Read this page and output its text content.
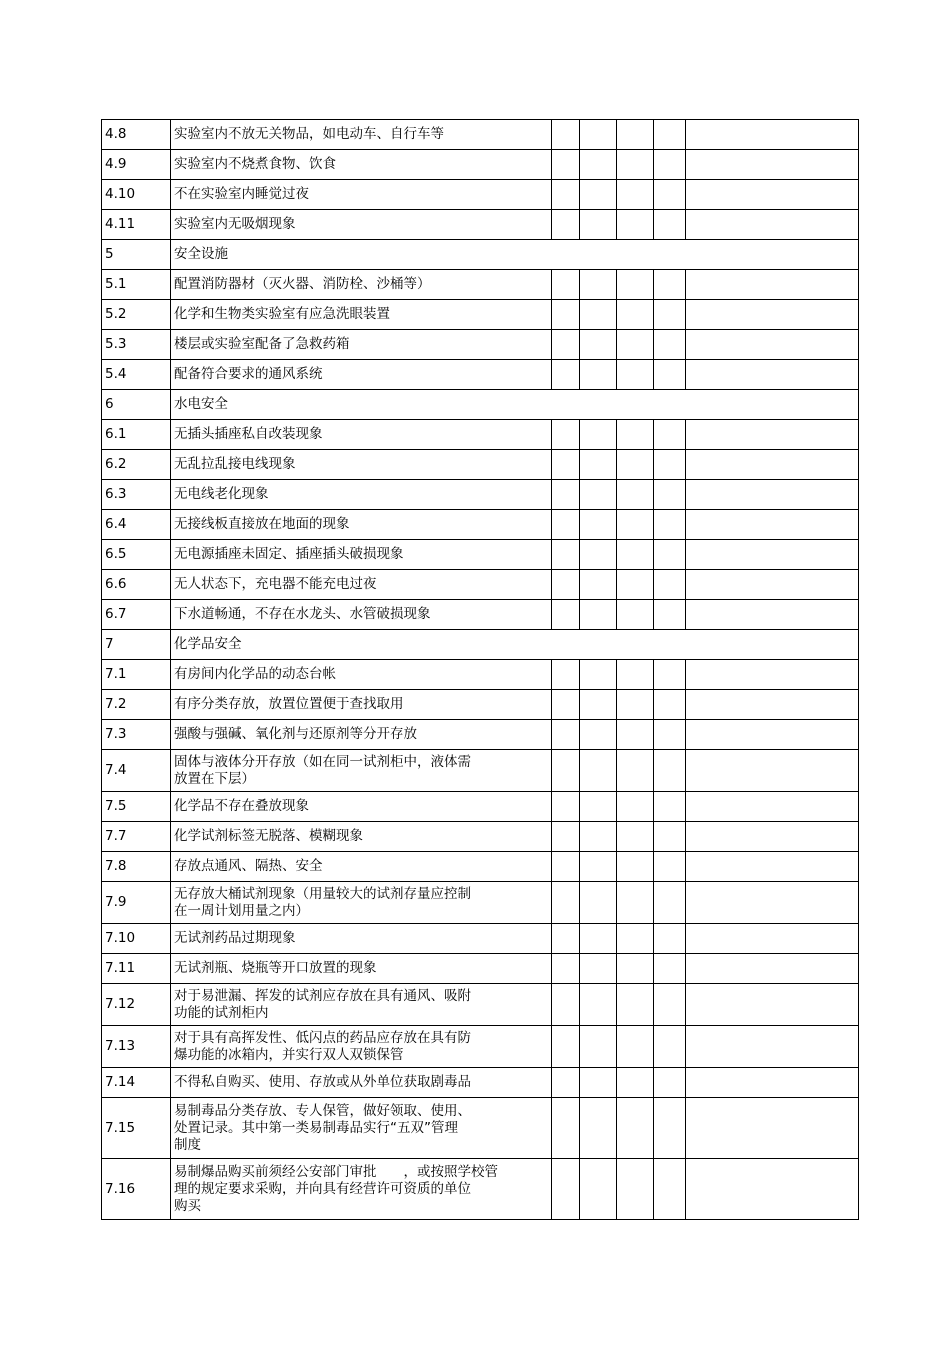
4.8	实验室内不放无关物品，如电动车、自行车等					

4.9	实验室内不烧煮食物、饮食					

4.10	不在实验室内睡觉过夜					

4.11	实验室内无吸烟现象					

5	安全设施					

5.1	配置消防器材（灭火器、消防栓、沙桶等）					

5.2	化学和生物类实验室有应急洗眼装置					

5.3	楼层或实验室配备了急救药箱					

5.4	配备符合要求的通风系统					

6	水电安全					

6.1	无插头插座私自改装现象					

6.2	无乱拉乱接电线现象					

6.3	无电线老化现象					

6.4	无接线板直接放在地面的现象					

6.5	无电源插座未固定、插座插头破损现象					

6.6	无人状态下，充电器不能充电过夜					

6.7	下水道畅通，不存在水龙头、水管破损现象					

7	化学品安全					

7.1	有房间内化学品的动态台帐					

7.2	有序分类存放，放置位置便于查找取用					

7.3	强酸与强碱、氧化剂与还原剂等分开存放					

7.4	固体与液体分开存放（如在同一试剂柜中，液体需
放置在下层）					

7.5	化学品不存在叠放现象					

7.7	化学试剂标签无脱落、模糊现象					

7.8	存放点通风、隔热、安全					

7.9	无存放大桶试剂现象（用量较大的试剂存量应控制
在一周计划用量之内）					

7.10	无试剂药品过期现象					

7.11	无试剂瓶、烧瓶等开口放置的现象					

7.12	对于易泄漏、挥发的试剂应存放在具有通风、吸附
功能的试剂柜内					

7.13	对于具有高挥发性、低闪点的药品应存放在具有防
爆功能的冰箱内，并实行双人双锁保管					

7.14	不得私自购买、使用、存放或从外单位获取剧毒品					

7.15	易制毒品分类存放、专人保管，做好领取、使用、
处置记录。其中第一类易制毒品实行“五双”管理
制度					

7.16	易制爆品购买前须经公安部门审批　　，或按照学校管
理的规定要求采购，并向具有经营许可资质的单位
购买					
